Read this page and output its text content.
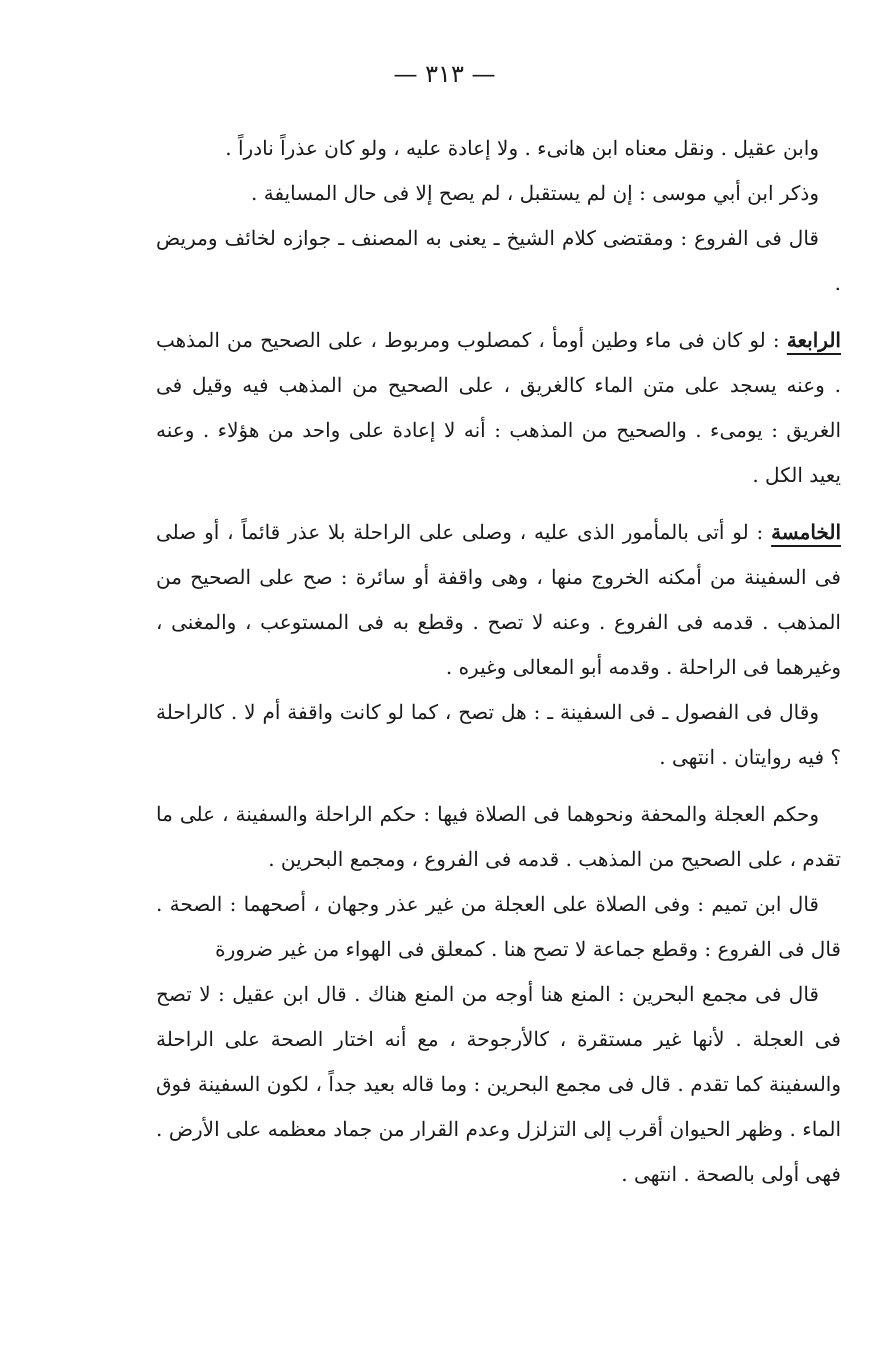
— ٣١٣ —

وابن عقيل . ونقل معناه ابن هانىء . ولا إعادة عليه ، ولو كان عذراً نادراً .

وذكر ابن أبي موسى : إن لم يستقبل ، لم يصح إلا فى حال المسايفة .

قال فى الفروع : ومقتضى كلام الشيخ ـ يعنى به المصنف ـ جوازه لخائف ومريض .

الرابعة : لو كان فى ماء وطين أومأ ، كمصلوب ومربوط ، على الصحيح من المذهب . وعنه يسجد على متن الماء كالغريق ، على الصحيح من المذهب فيه وقيل فى الغريق : يومىء . والصحيح من المذهب : أنه لا إعادة على واحد من هؤلاء . وعنه يعيد الكل .

الخامسة : لو أتى بالمأمور الذى عليه ، وصلى على الراحلة بلا عذر قائماً ، أو صلى فى السفينة من أمكنه الخروج منها ، وهى واقفة أو سائرة : صح على الصحيح من المذهب . قدمه فى الفروع . وعنه لا تصح . وقطع به فى المستوعب ، والمغنى ، وغيرهما فى الراحلة . وقدمه أبو المعالى وغيره .

وقال فى الفصول ـ فى السفينة ـ : هل تصح ، كما لو كانت واقفة أم لا . كالراحلة ؟ فيه روايتان . انتهى .

وحكم العجلة والمحفة ونحوهما فى الصلاة فيها : حكم الراحلة والسفينة ، على ما تقدم ، على الصحيح من المذهب . قدمه فى الفروع ، ومجمع البحرين .

قال ابن تميم : وفى الصلاة على العجلة من غير عذر وجهان ، أصحهما : الصحة . قال فى الفروع : وقطع جماعة لا تصح هنا . كمعلق فى الهواء من غير ضرورة

قال فى مجمع البحرين : المنع هنا أوجه من المنع هناك . قال ابن عقيل : لا تصح فى العجلة . لأنها غير مستقرة ، كالأرجوحة ، مع أنه اختار الصحة على الراحلة والسفينة كما تقدم . قال فى مجمع البحرين : وما قاله بعيد جداً ، لكون السفينة فوق الماء . وظهر الحيوان أقرب إلى التزلزل وعدم القرار من جماد معظمه على الأرض . فهى أولى بالصحة . انتهى .
